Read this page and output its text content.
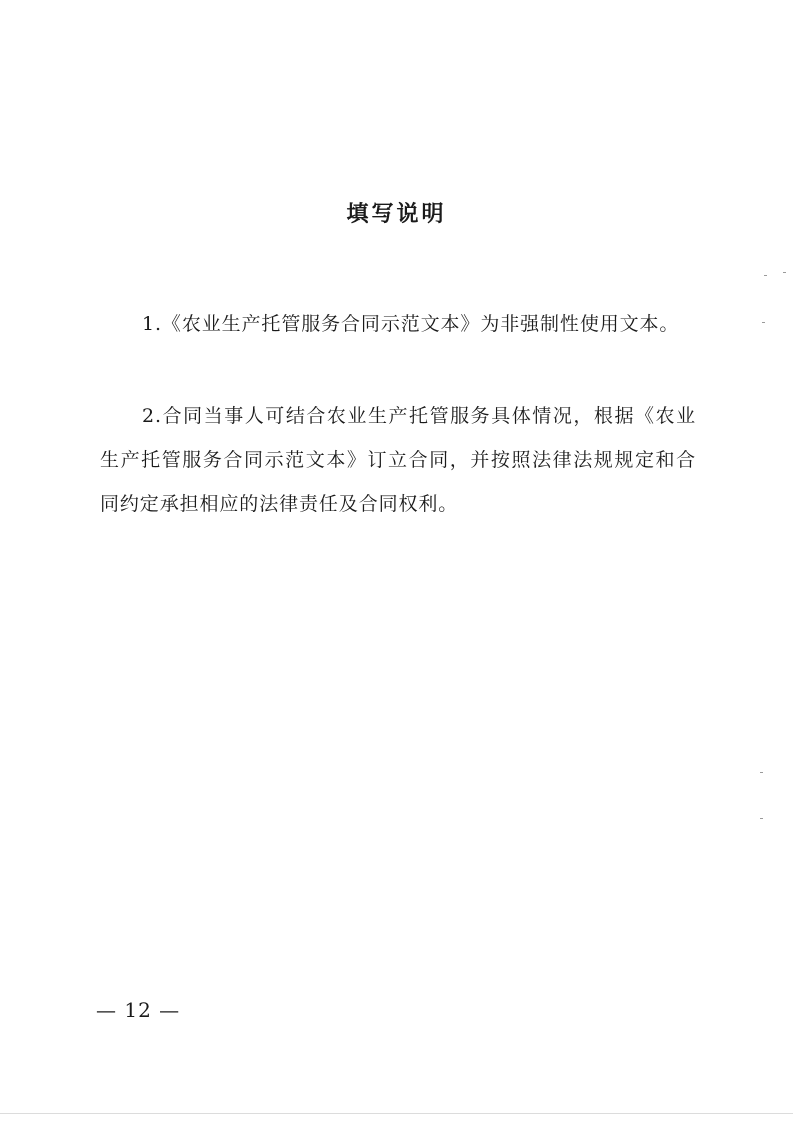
填写说明
1.《农业生产托管服务合同示范文本》为非强制性使用文本。
2.合同当事人可结合农业生产托管服务具体情况，根据《农业生产托管服务合同示范文本》订立合同，并按照法律法规规定和合同约定承担相应的法律责任及合同权利。
— 12 —
